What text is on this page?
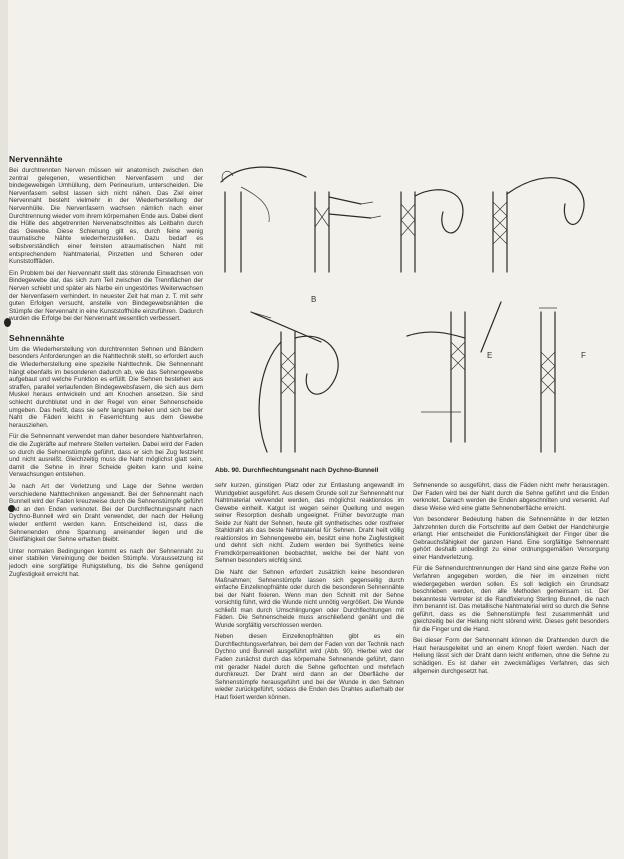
Nervennähte

Bei durchtrennten Nerven müssen wir anatomisch zwischen den zentral gelegenen, wesentlichen Nervenfasern und der bindegewebigen Umhüllung, dem Perineurium, unterscheiden. Die Nervenfasern selbst lassen sich nicht nähen. Das Ziel einer Nervennaht besteht vielmehr in der Wiederherstellung der Nervenhülle. Die Nervenfasern wachsen nämlich nach einer Durchtrennung wieder vom ihrem körpernahen Ende aus. Dabei dient die Hülle des abgetrennten Nervenabschnittes als Leitbahn durch das Gewebe. Diese Schienung gilt es, durch feine wenig traumatische Nähte wiederherzustellen. Dazu bedarf es selbstverständlich einer feinsten atraumatischen Naht mit entsprechendem Nahtmaterial, Pinzetten und Scheren oder Kunststofffäden.

Ein Problem bei der Nervennaht stellt das störende Einwachsen von Bindegewebe dar, das sich zum Teil zwischen die Trennflächen der Nerven schiebt und später als Narbe ein ungestörtes Weiterwachsen der Nervenfasern verhindert. In neuester Zeit hat man z. T. mit sehr guten Erfolgen versucht, anstelle von Bindegewebsnähten die Stümpfe der Nervennaht in eine Kunststoffhülle einzuführen. Dadurch wurden die Erfolge bei der Nervennaht wesentlich verbessert.

Sehnennähte

Um die Wiederherstellung von durchtrennten Sehnen und Bändern besonders Anforderungen an die Nahttechnik stellt, so erfordert auch die Wiederherstellung eine spezielle Nahttechnik. Die Sehnennaht hängt ebenfalls im besonderen dadurch ab, wie das Sehnengewebe aufgebaut und welche Funktion es erfüllt. Die Sehnen bestehen aus straffen, parallel verlaufenden Bindegewebsfasern, die sich aus dem Muskel heraus entwickeln und am Knochen ansetzen. Sie sind schlecht durchblutet und in der Regel von einer Sehnenscheide umgeben. Das heißt, dass sie sehr langsam heilen und sich bei der Naht die Fäden leicht in Faserrichtung aus dem Gewebe herausziehen.

Für die Sehnennaht verwendet man daher besondere Nahtverfahren, die die Zugkräfte auf mehrere Stellen verteilen. Dabei wird der Faden so durch die Sehnenstümpfe geführt, dass er sich bei Zug festzieht und nicht ausreißt. Gleichzeitig muss die Naht möglichst glatt sein, damit die Sehne in ihrer Scheide gleiten kann und keine Verwachsungen entstehen.

Je nach Art der Verletzung und Lage der Sehne werden verschiedene Nahttechniken angewandt. Bei der Sehnennaht nach Bunnell wird der Faden kreuzweise durch die Sehnenstümpfe geführt und an den Enden verknotet. Bei der Durchflechtungsnaht nach Dychno-Bunnell wird ein Draht verwendet, der nach der Heilung wieder entfernt werden kann. Entscheidend ist, dass die Sehnenenden ohne Spannung aneinander liegen und die Gleitfähigkeit der Sehne erhalten bleibt.

Unter normalen Bedingungen kommt es nach der Sehnennaht zu einer stabilen Vereinigung der beiden Stümpfe. Voraussetzung ist jedoch eine sorgfältige Ruhigstellung, bis die Sehne genügend Zugfestigkeit erreicht hat.

B
E	F
Abb. 90. Durchflechtungsnaht nach Dychno-Bunnell

sehr kurzen, günstigen Platz oder zur Entlastung angewandt im Wundgebiet ausgeführt. Aus diesem Grunde soll zur Sehnennaht nur Nahtmaterial verwendet werden, das möglichst reaktionslos im Gewebe einheilt. Katgut ist wegen seiner Quellung und wegen seiner Resorption deshalb ungeeignet. Früher bevorzugte man Seide zur Naht der Sehnen, heute gilt synthetisches oder rostfreier Stahldraht als das beste Nahtmaterial für Sehnen. Draht heilt völlig reaktionslos im Sehnengewebe ein, besitzt eine hohe Zugfestigkeit und dehnt sich nicht. Zudem werden bei Synthetics keine Fremdkörperreaktionen beobachtet, welche bei der Naht von Sehnen besonders wichtig sind.

Die Naht der Sehnen erfordert zusätzlich keine besonderen Maßnahmen; Sehnenstümpfe lassen sich gegenseitig durch einfache Einzelknopfnähte oder durch die besonderen Sehnennähte bei der Naht fixieren. Wenn man den Schnitt mit der Sehne vorsichtig führt, wird die Wunde nicht unnötig vergrößert. Die Wunde schließt man durch Umschlingungen oder Durchflechtungen mit Fäden. Die Sehnenscheide muss anschließend genäht und die Wunde sorgfältig verschlossen werden.

Neben diesen Einzelknopfnähten gibt es ein Durchflechtungsverfahren, bei dem der Faden von der Technik nach Dychno und Bunnell ausgeführt wird (Abb. 90). Hierbei wird der Faden zunächst durch das körpernahe Sehnenende geführt, dann mit gerader Nadel durch die Sehne geflochten und mehrfach durchkreuzt. Der Draht wird dann an der Oberfläche der Sehnenstümpfe herausgeführt und bei der Wunde in den Sehnen wieder zurückgeführt, sodass die Enden des Drahtes außerhalb der Haut fixiert werden können.

Sehnenende so ausgeführt, dass die Fäden nicht mehr herausragen. Der Faden wird bei der Naht durch die Sehne geführt und die Enden verknotet. Danach werden die Enden abgeschnitten und versenkt. Auf diese Weise wird eine glatte Sehnenoberfläche erreicht.

Von besonderer Bedeutung haben die Sehnennähte in der letzten Jahrzehnten durch die Fortschritte auf dem Gebiet der Handchirurgie erlangt. Hier entscheidet die Funktionsfähigkeit der Finger über die Gebrauchsfähigkeit der ganzen Hand. Eine sorgfältige Sehnennaht gehört deshalb unbedingt zu einer ordnungsgemäßen Versorgung einer Handverletzung.

Für die Sehnendurchtrennungen der Hand sind eine ganze Reihe von Verfahren angegeben worden, die hier im einzelnen nicht wiedergegeben werden sollen. Es soll lediglich ein Grundsatz beschrieben werden, den alle Methoden gemeinsam ist. Der bekannteste Vertreter ist die Randfixierung Sterling Bunnell, die nach ihm benannt ist. Das metallische Nahtmaterial wird so durch die Sehne geführt, dass es die Sehnenstümpfe fest zusammenhält und gleichzeitig bei der Heilung nicht störend wirkt. Dieses geht besonders für die Finger und die Hand.

Bei dieser Form der Sehnennaht können die Drahtenden durch die Haut herausgeleitet und an einem Knopf fixiert werden. Nach der Heilung lässt sich der Draht dann leicht entfernen, ohne die Sehne zu schädigen. Es ist daher ein zweckmäßiges Verfahren, das sich allgemein durchgesetzt hat.
